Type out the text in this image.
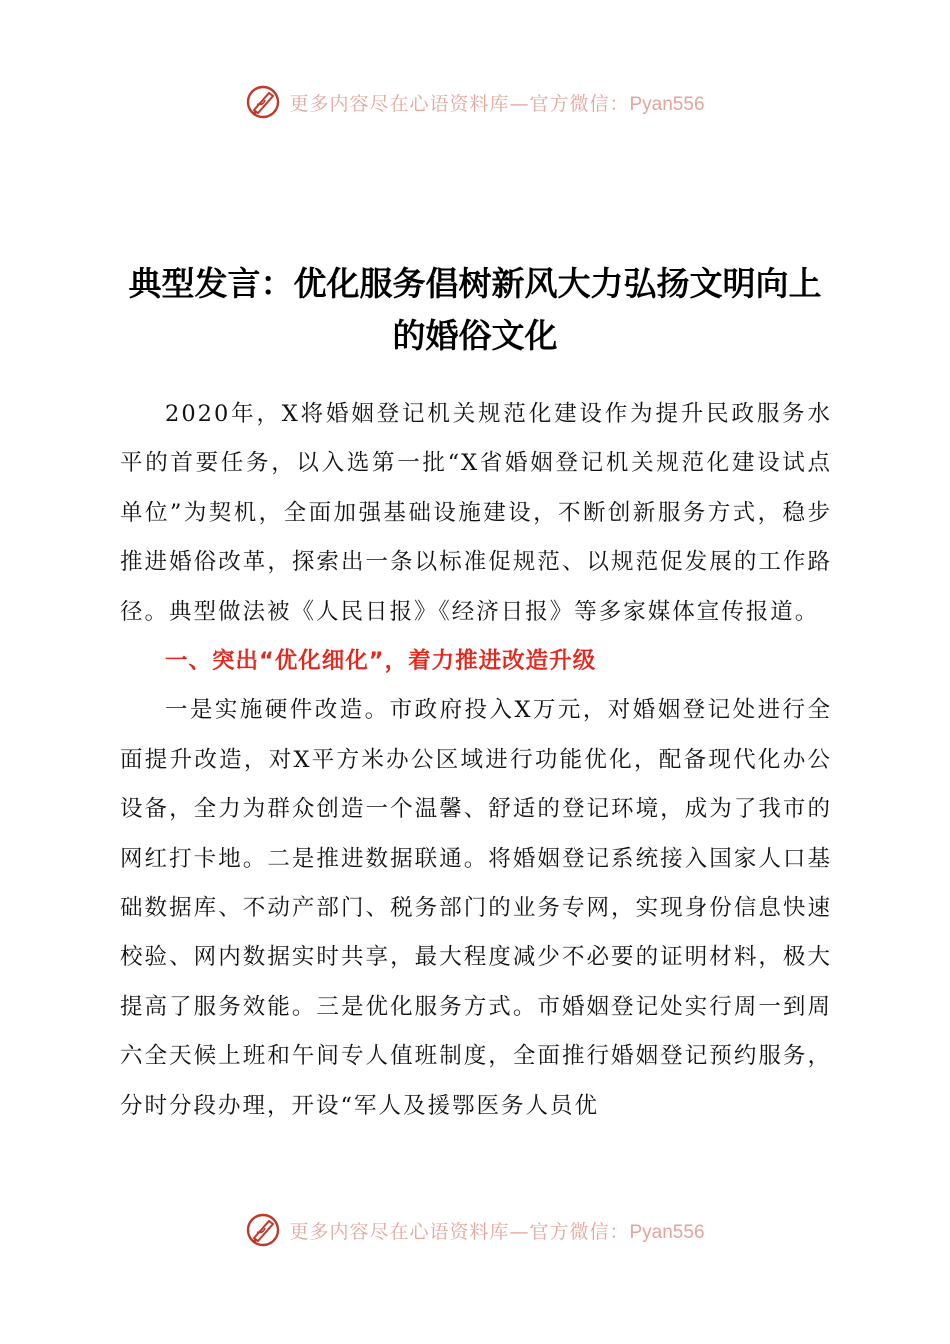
更多内容尽在心语资料库—官方微信：Pyan556
典型发言：优化服务倡树新风大力弘扬文明向上的婚俗文化

2020年，X将婚姻登记机关规范化建设作为提升民政服务水平的首要任务，以入选第一批“X省婚姻登记机关规范化建设试点单位”为契机，全面加强基础设施建设，不断创新服务方式，稳步推进婚俗改革，探索出一条以标准促规范、以规范促发展的工作路径。典型做法被《人民日报》《经济日报》等多家媒体宣传报道。

一、突出“优化细化”，着力推进改造升级

一是实施硬件改造。市政府投入X万元，对婚姻登记处进行全面提升改造，对X平方米办公区域进行功能优化，配备现代化办公设备，全力为群众创造一个温馨、舒适的登记环境，成为了我市的网红打卡地。二是推进数据联通。将婚姻登记系统接入国家人口基础数据库、不动产部门、税务部门的业务专网，实现身份信息快速校验、网内数据实时共享，最大程度减少不必要的证明材料，极大提高了服务效能。三是优化服务方式。市婚姻登记处实行周一到周六全天候上班和午间专人值班制度，全面推行婚姻登记预约服务，分时分段办理，开设“军人及援鄂医务人员优

更多内容尽在心语资料库—官方微信：Pyan556
